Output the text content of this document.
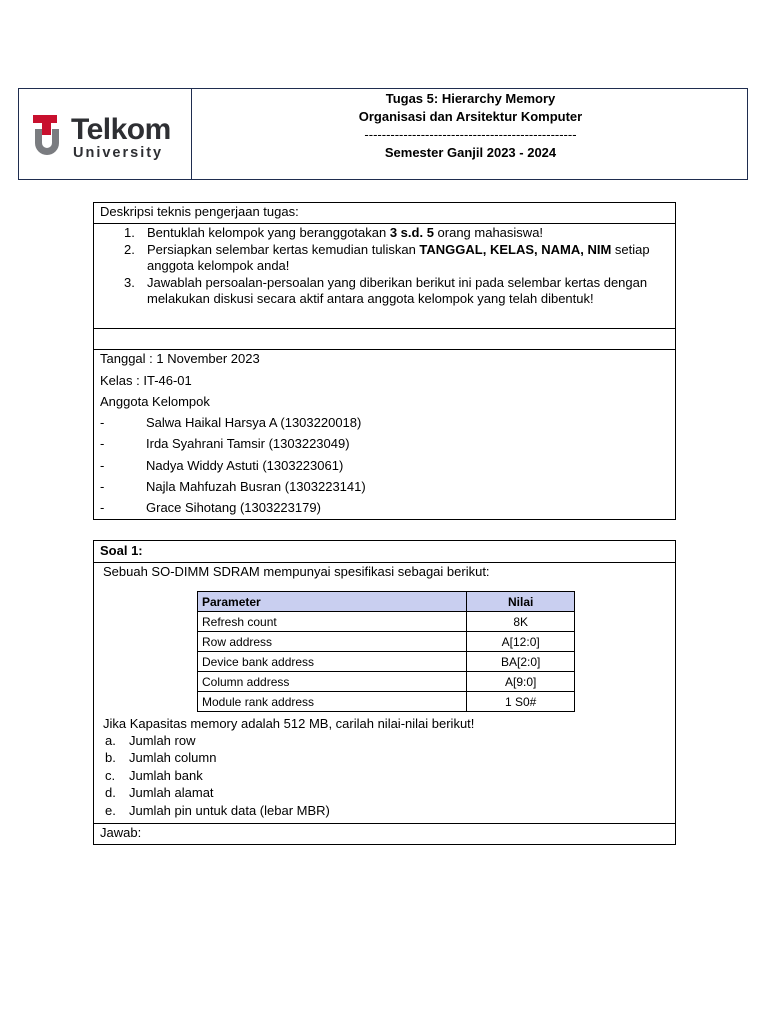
Telkom
University
Tugas 5: Hierarchy Memory
Organisasi dan Arsitektur Komputer
-------------------------------------------------
Semester Ganjil 2023 - 2024
Deskripsi teknis pengerjaan tugas:
1. Bentuklah kelompok yang beranggotakan 3 s.d. 5 orang mahasiswa!
2. Persiapkan selembar kertas kemudian tuliskan TANGGAL, KELAS, NAMA, NIM setiap
anggota kelompok anda!
3. Jawablah persoalan-persoalan yang diberikan berikut ini pada selembar kertas dengan
melakukan diskusi secara aktif antara anggota kelompok yang telah dibentuk!
Tanggal : 1 November 2023
Kelas : IT-46-01
Anggota Kelompok
-	Salwa Haikal Harsya A (1303220018)
-	Irda Syahrani Tamsir (1303223049)
-	Nadya Widdy Astuti (1303223061)
-	Najla Mahfuzah Busran (1303223141)
-	Grace Sihotang (1303223179)
Soal 1:
Sebuah SO-DIMM SDRAM mempunyai spesifikasi sebagai berikut:
Parameter	Nilai
Refresh count	8K
Row address	A[12:0]
Device bank address	BA[2:0]
Column address	A[9:0]
Module rank address	1 S0#
Jika Kapasitas memory adalah 512 MB, carilah nilai-nilai berikut!
a. Jumlah row
b. Jumlah column
c. Jumlah bank
d. Jumlah alamat
e. Jumlah pin untuk data (lebar MBR)
Jawab:
